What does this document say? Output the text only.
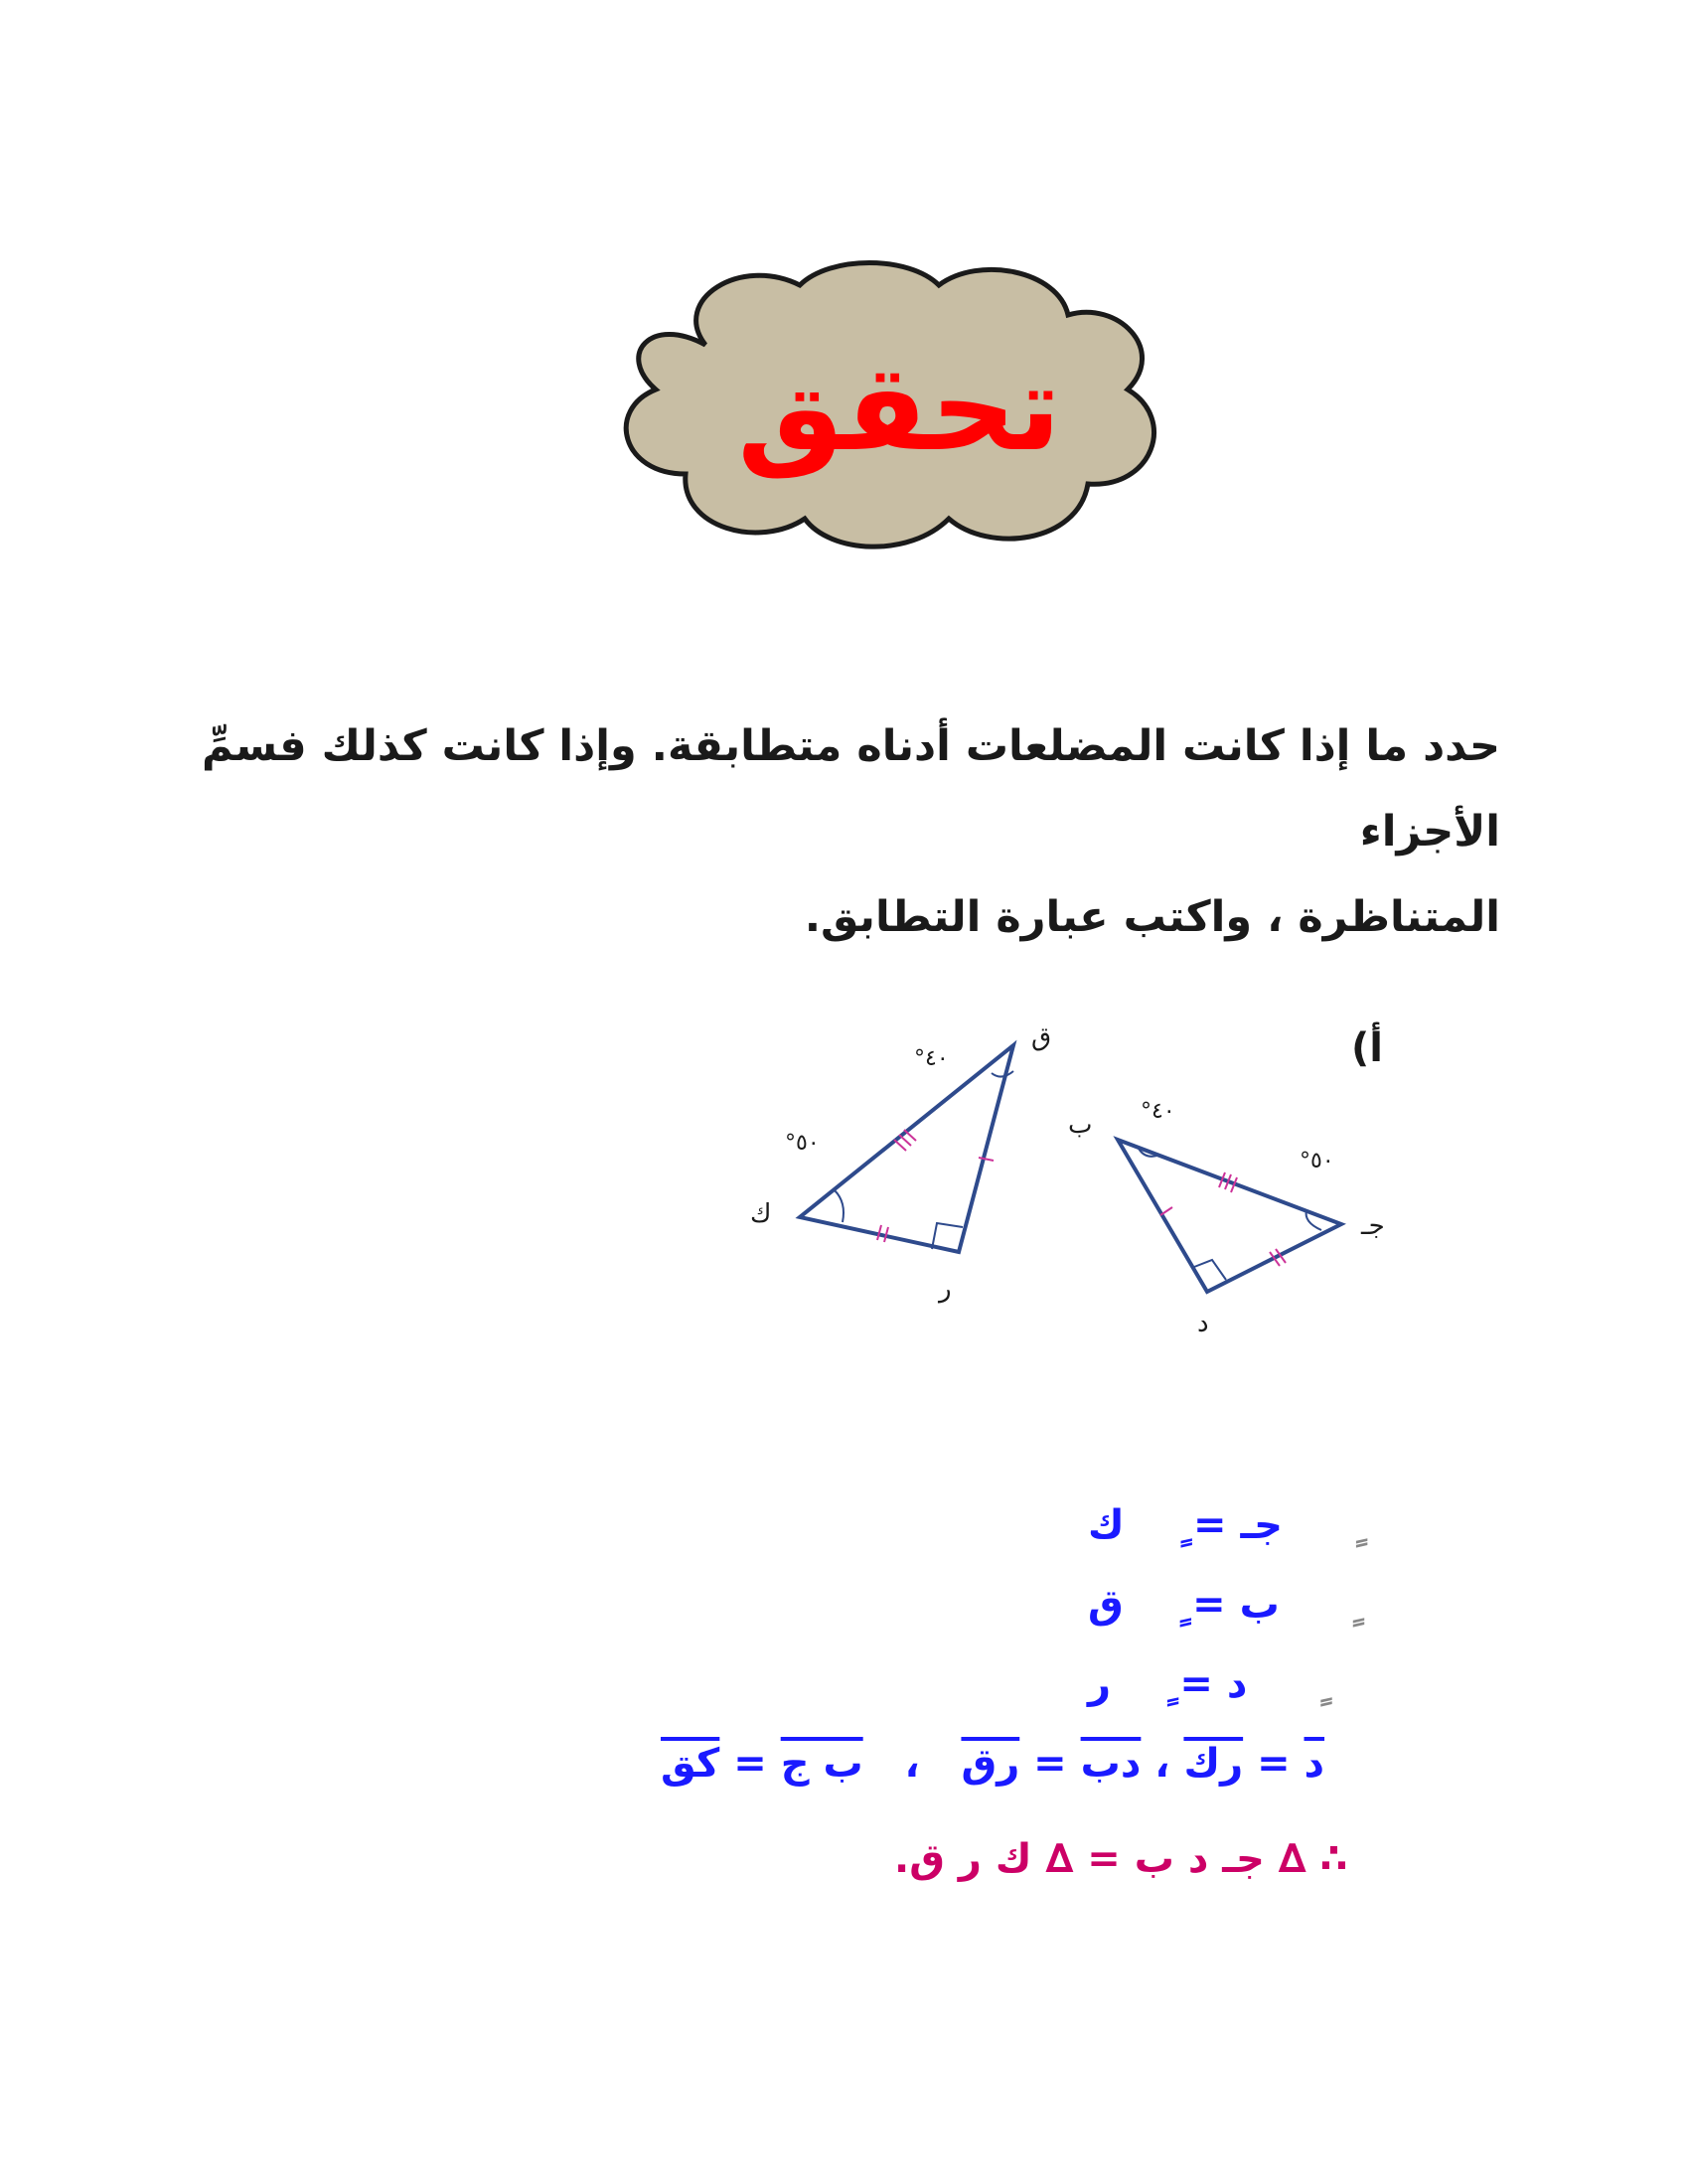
تحقق
حدد ما إذا كانت المضلعات أدناه متطابقة. وإذا كانت كذلك فسمِّ الأجزاء
المتناظرة ، واكتب عبارة التطابق.
أ)
ق
ك
ر
°٤٠
°٥٠
ب
جـ
د
°٤٠
°٥٠
جـ =    ك
ب =    ق
د =    ر
د = رك ، دب = رق   ،   ب ج = كق
∴ ∆ جـ د ب = ∆ ك ر ق.
